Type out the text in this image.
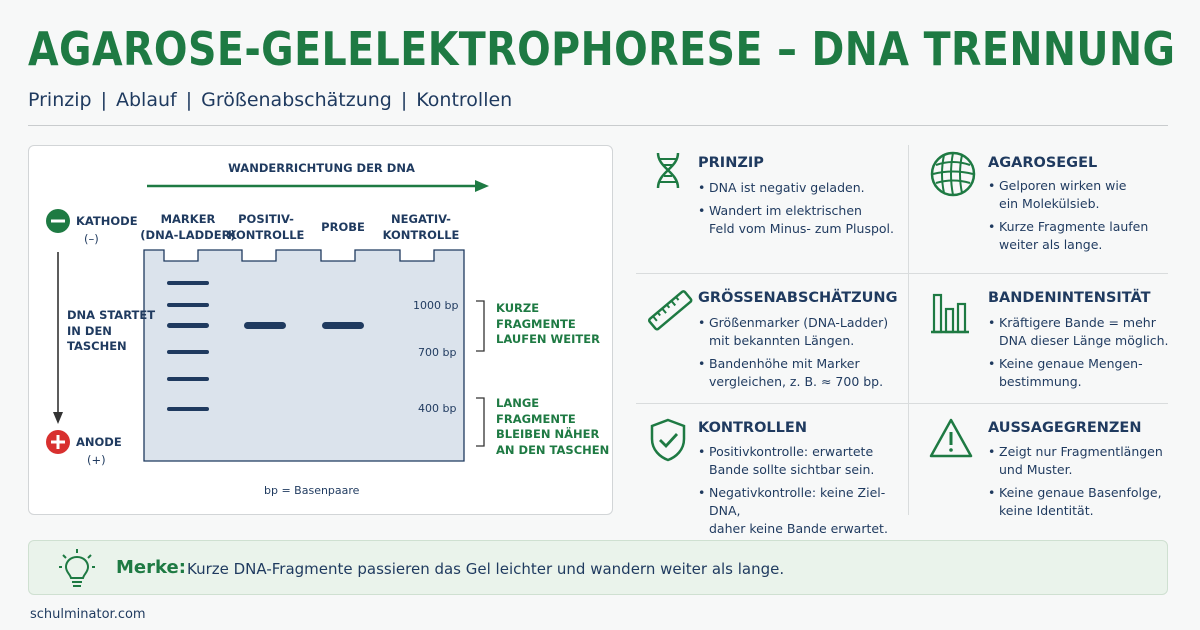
AGAROSE-GELELEKTROPHORESE – DNA TRENNUNG
Prinzip | Ablauf | Größenabschätzung | Kontrollen
WANDERRICHTUNG DER DNA
KATHODE
(–)
ANODE
(+)
DNA STARTET
IN DEN
TASCHEN
MARKER
(DNA-LADDER)
POSITIV-
KONTROLLE
PROBE
NEGATIV-
KONTROLLE
1000 bp
700 bp
400 bp
KURZE FRAGMENTE
LAUFEN WEITER
LANGE FRAGMENTE
BLEIBEN NÄHER
AN DEN TASCHEN
bp = Basenpaare
PRINZIP
• DNA ist negativ geladen.
• Wandert im elektrischen
Feld vom Minus- zum Pluspol.
AGAROSEGEL
• Gelporen wirken wie
ein Molekülsieb.
• Kurze Fragmente laufen
weiter als lange.
GRÖSSENABSCHÄTZUNG
• Größenmarker (DNA-Ladder)
mit bekannten Längen.
• Bandenhöhe mit Marker
vergleichen, z. B. ≈ 700 bp.
BANDENINTENSITÄT
• Kräftigere Bande = mehr
DNA dieser Länge möglich.
• Keine genaue Mengen-
bestimmung.
KONTROLLEN
• Positivkontrolle: erwartete
Bande sollte sichtbar sein.
• Negativkontrolle: keine Ziel-DNA,
daher keine Bande erwartet.
AUSSAGEGRENZEN
• Zeigt nur Fragmentlängen
und Muster.
• Keine genaue Basenfolge,
keine Identität.
Merke: Kurze DNA-Fragmente passieren das Gel leichter und wandern weiter als lange.
schulminator.com
